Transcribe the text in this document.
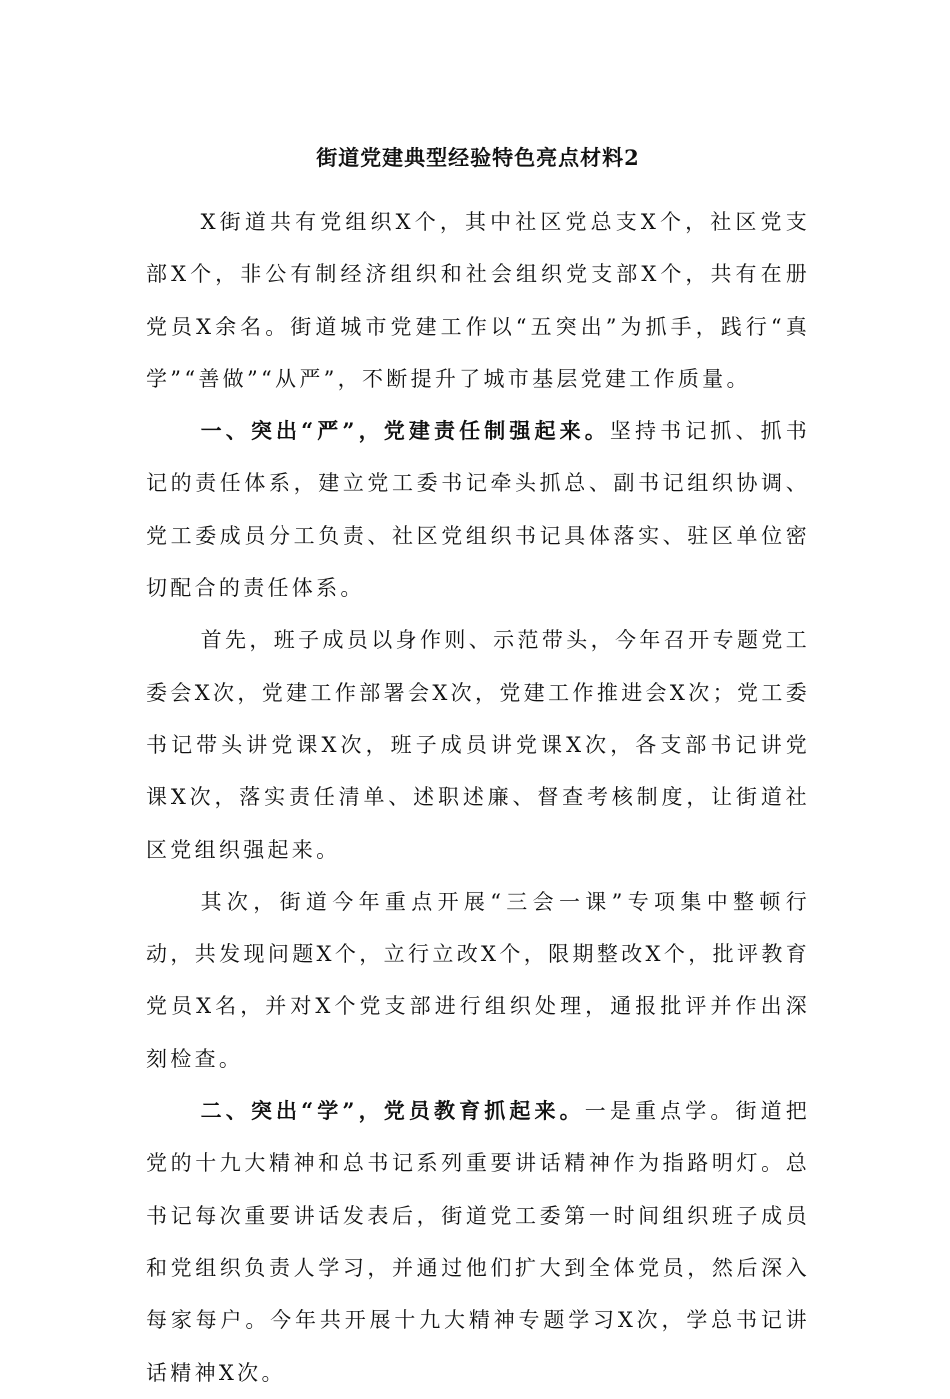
街道党建典型经验特色亮点材料2

X街道共有党组织X个，其中社区党总支X个，社区党支部X个，非公有制经济组织和社会组织党支部X个，共有在册党员X余名。街道城市党建工作以“五突出”为抓手，践行“真学”“善做”“从严”，不断提升了城市基层党建工作质量。

一、突出“严”，党建责任制强起来。坚持书记抓、抓书记的责任体系，建立党工委书记牵头抓总、副书记组织协调、党工委成员分工负责、社区党组织书记具体落实、驻区单位密切配合的责任体系。

首先，班子成员以身作则、示范带头，今年召开专题党工委会X次，党建工作部署会X次，党建工作推进会X次；党工委书记带头讲党课X次，班子成员讲党课X次，各支部书记讲党课X次，落实责任清单、述职述廉、督查考核制度，让街道社区党组织强起来。

其次，街道今年重点开展“三会一课”专项集中整顿行动，共发现问题X个，立行立改X个，限期整改X个，批评教育党员X名，并对X个党支部进行组织处理，通报批评并作出深刻检查。

二、突出“学”，党员教育抓起来。一是重点学。街道把党的十九大精神和总书记系列重要讲话精神作为指路明灯。总书记每次重要讲话发表后，街道党工委第一时间组织班子成员和党组织负责人学习，并通过他们扩大到全体党员，然后深入每家每户。今年共开展十九大精神专题学习X次，学总书记讲话精神X次。
